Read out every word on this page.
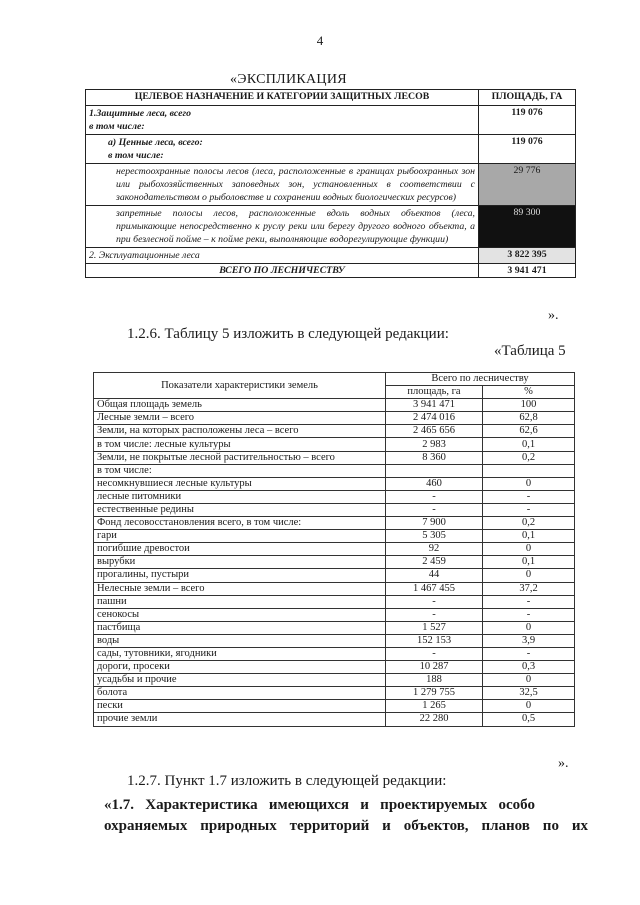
4
«ЭКСПЛИКАЦИЯ
ЦЕЛЕВОЕ НАЗНАЧЕНИЕ И КАТЕГОРИИ ЗАЩИТНЫХ ЛЕСОВ	ПЛОЩАДЬ, ГА
1.Защитные леса, всего
в том числе:	119 076
а) Ценные леса, всего:
в том числе:	119 076
нерестоохранные полосы лесов (леса, расположенные в границах рыбоохранных зон или рыбохозяйственных заповедных зон, установленных в соответствии с законодательством о рыболовстве и сохранении водных биологических ресурсов)	29 776
запретные полосы лесов, расположенные вдоль водных объектов (леса, примыкающие непосредственно к руслу реки или берегу другого водного объекта, а при безлесной пойме – к пойме реки, выполняющие водорегулирующие функции)	89 300
2. Эксплуатационные леса	3 822 395
ВСЕГО ПО ЛЕСНИЧЕСТВУ	3 941 471
».
1.2.6. Таблицу 5 изложить в следующей редакции:
«Таблица 5
Показатели характеристики земель	Всего по лесничеству	
	площадь, га	%
Общая площадь земель	3 941 471	100
Лесные земли – всего	2 474 016	62,8
Земли, на которых расположены леса – всего	2 465 656	62,6
в том числе: лесные культуры	2 983	0,1
Земли, не покрытые лесной растительностью – всего	8 360	0,2
в том числе:		
несомкнувшиеся лесные культуры	460	0
лесные питомники	-	-
естественные редины	-	-
Фонд лесовосстановления всего, в том числе:	7 900	0,2
гари	5 305	0,1
погибшие древостои	92	0
вырубки	2 459	0,1
прогалины, пустыри	44	0
Нелесные земли – всего	1 467 455	37,2
пашни	-	-
сенокосы	-	-
пастбища	1 527	0
воды	152 153	3,9
сады, тутовники, ягодники	-	-
дороги, просеки	10 287	0,3
усадьбы и прочие	188	0
болота	1 279 755	32,5
пески	1 265	0
прочие земли	22 280	0,5
».
1.2.7. Пункт 1.7 изложить в следующей редакции:
«1.7.   Характеристика   имеющихся   и   проектируемых   особо
охраняемых   природных   территорий   и   объектов,   планов   по   их
